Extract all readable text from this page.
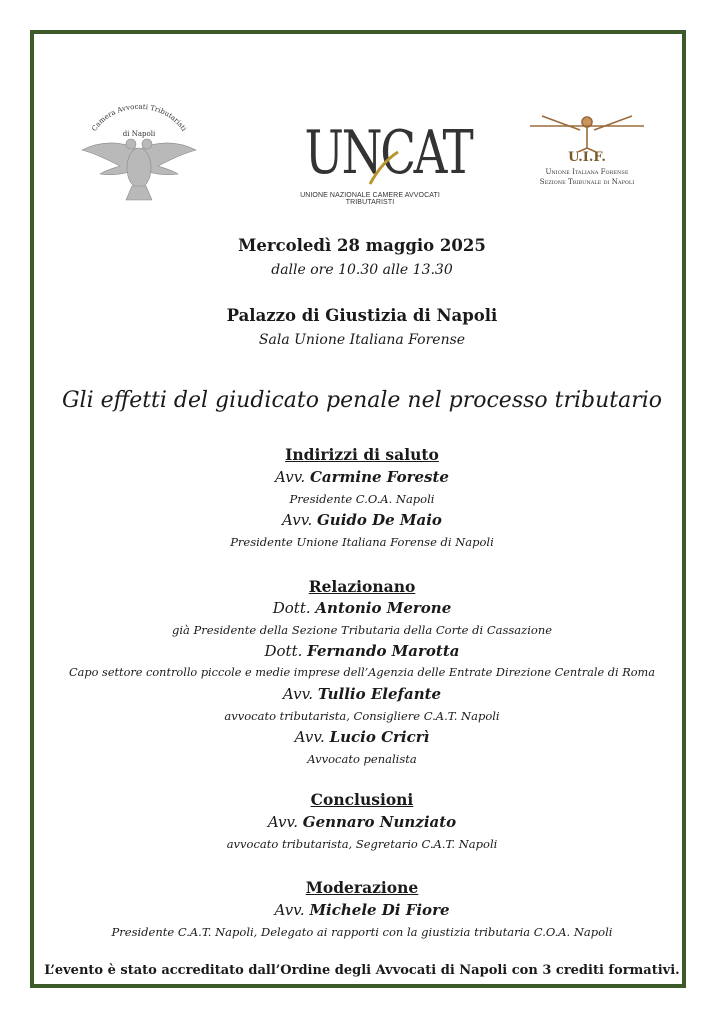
Camera Avvocati Tributaristi
di Napoli UNCAT
UNIONE NAZIONALE CAMERE AVVOCATI TRIBUTARISTI
U.I.F.
Unione Italiana Forense
Sezione Tribunale di Napoli
Mercoledì 28 maggio 2025
dalle ore 10.30 alle 13.30
Palazzo di Giustizia di Napoli
Sala Unione Italiana Forense
Gli effetti del giudicato penale nel processo tributario
Indirizzi di saluto
Avv. Carmine Foreste
Presidente C.O.A. Napoli
Avv. Guido De Maio
Presidente Unione Italiana Forense di Napoli
Relazionano
Dott. Antonio Merone
già Presidente della Sezione Tributaria della Corte di Cassazione
Dott. Fernando Marotta
Capo settore controllo piccole e medie imprese dell’Agenzia delle Entrate Direzione Centrale di Roma
Avv. Tullio Elefante
avvocato tributarista, Consigliere C.A.T. Napoli
Avv. Lucio Cricrì
Avvocato penalista
Conclusioni
Avv. Gennaro Nunziato
avvocato tributarista, Segretario C.A.T. Napoli
Moderazione
Avv. Michele Di Fiore
Presidente C.A.T. Napoli, Delegato ai rapporti con la giustizia tributaria C.O.A. Napoli
L’evento è stato accreditato dall’Ordine degli Avvocati di Napoli con 3 crediti formativi.
